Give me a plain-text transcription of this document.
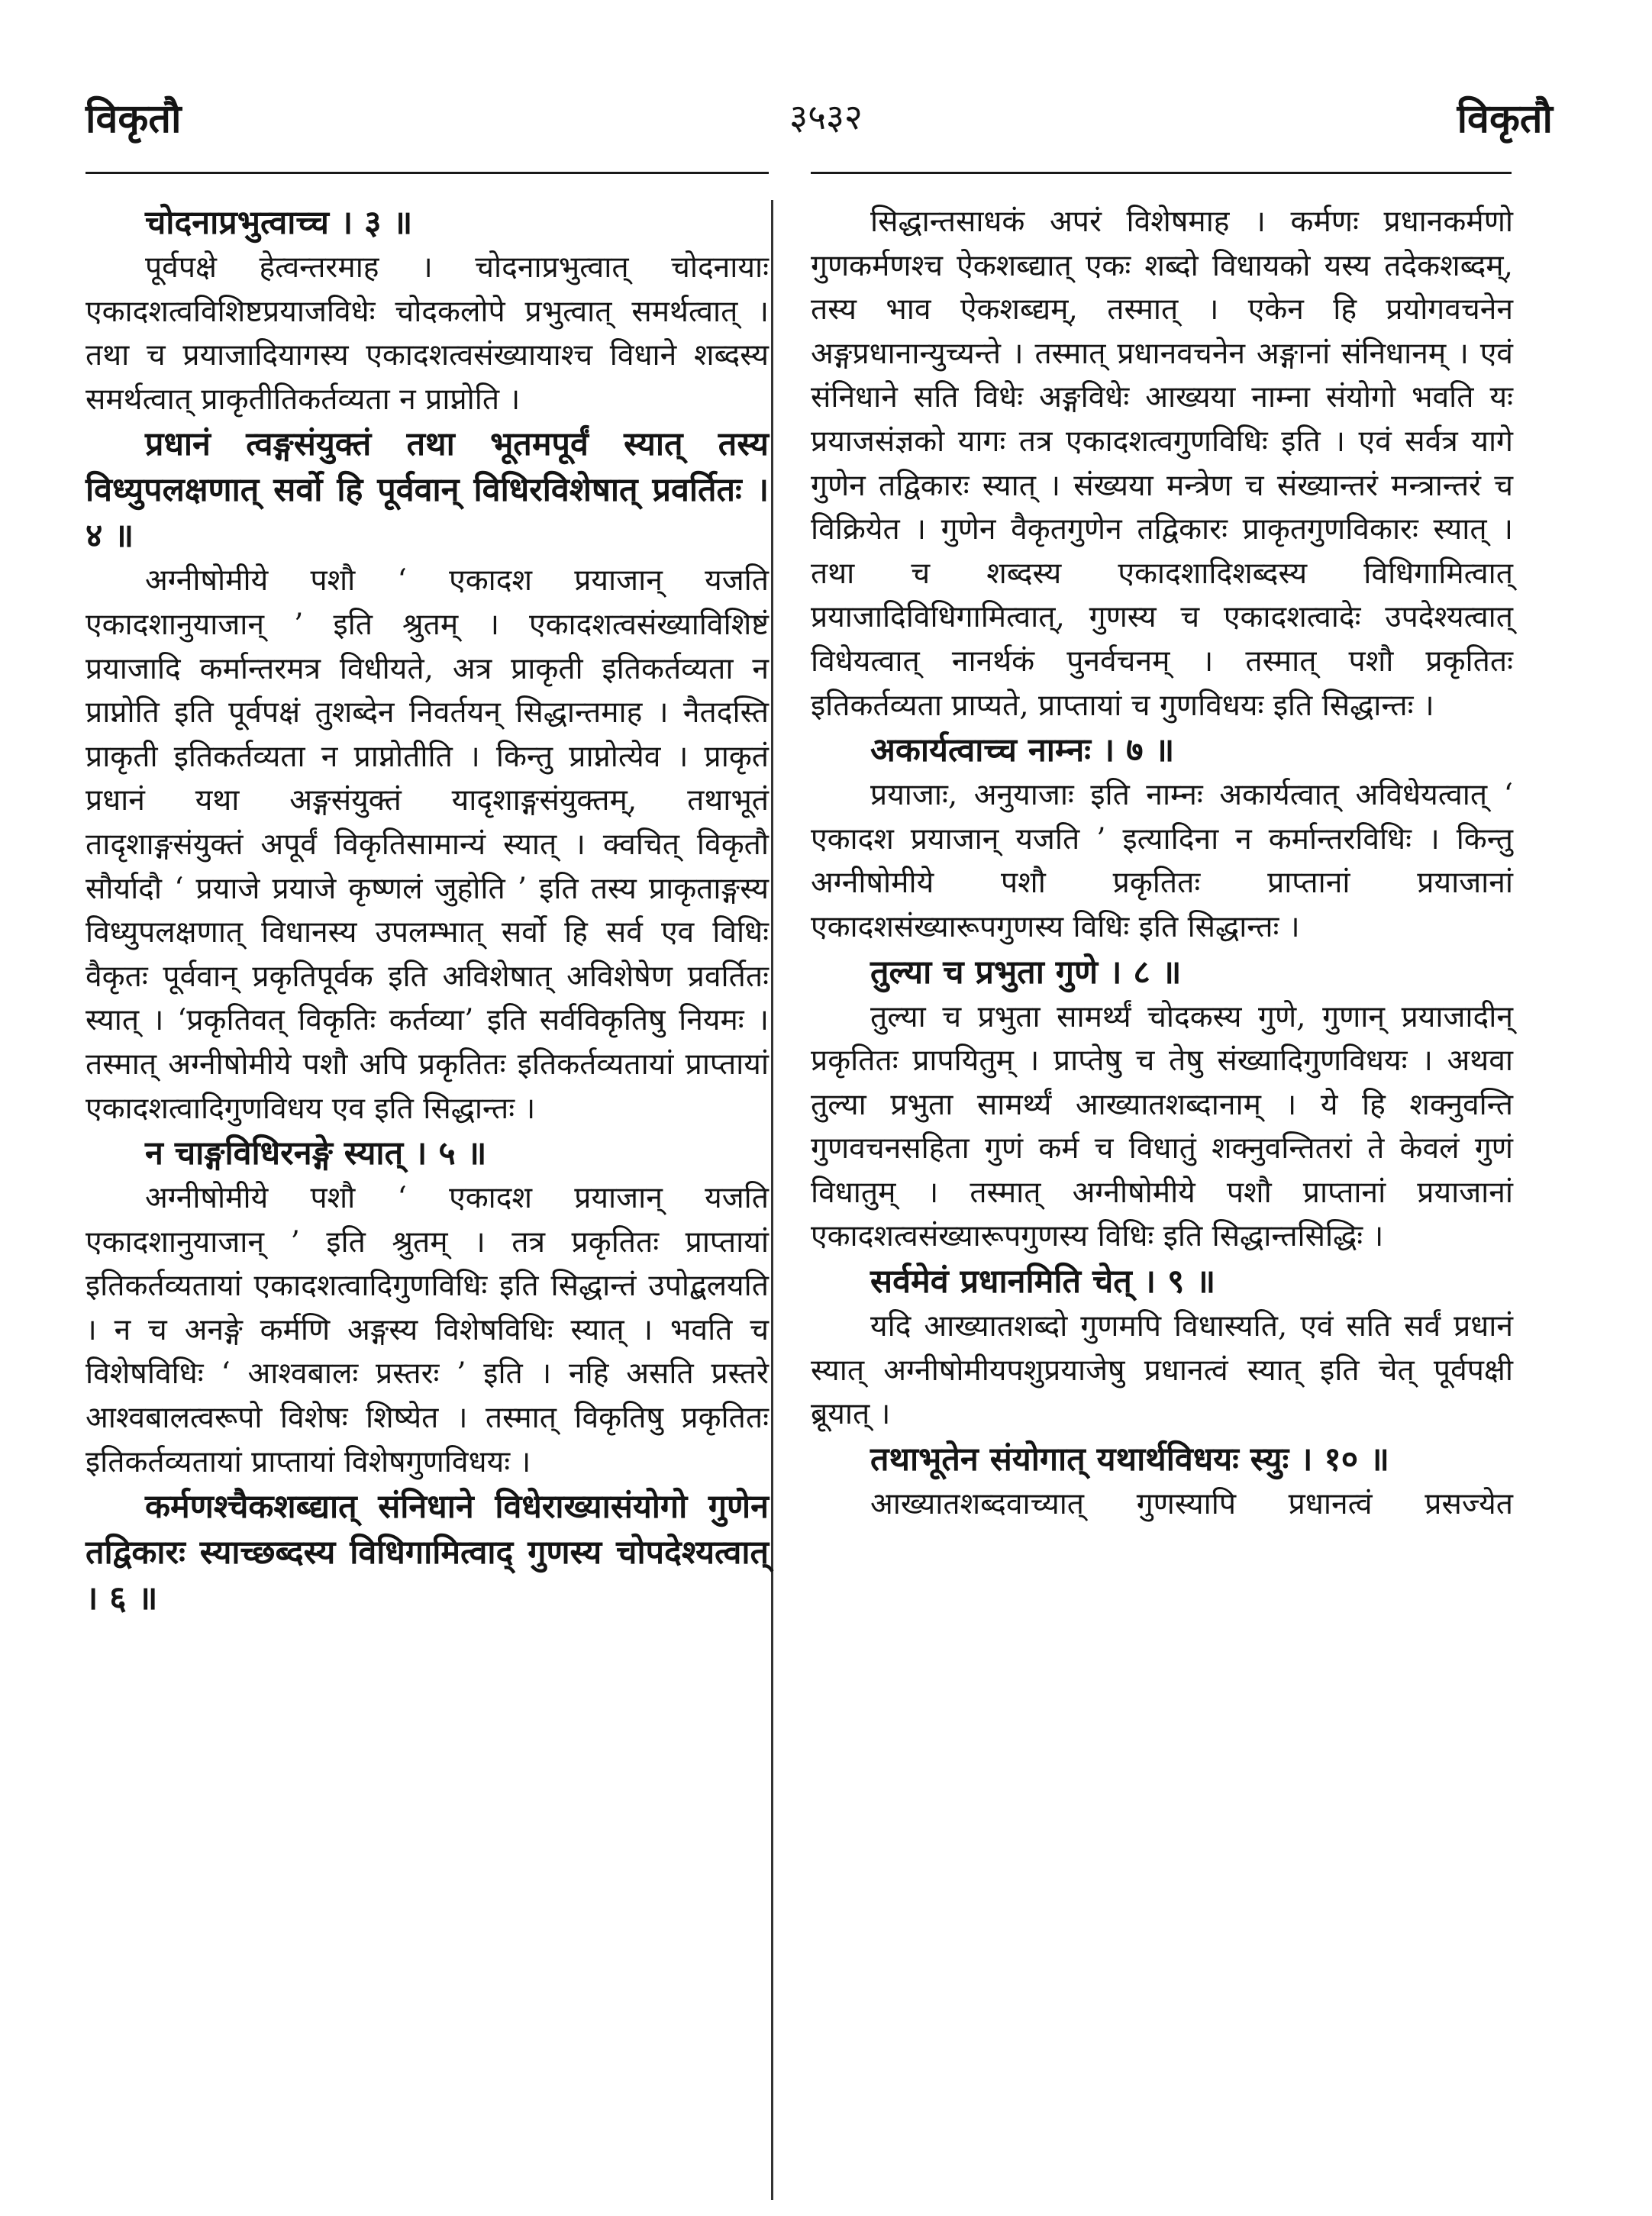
विकृतौ	३५३२	विकृतौ

चोदनाप्रभुत्वाच्च । ३ ॥

पूर्वपक्षे हेत्वन्तरमाह । चोदनाप्रभुत्वात् चोदनायाः एकादशत्वविशिष्टप्रयाजविधेः चोदकलोपे प्रभुत्वात् समर्थत्वात् । तथा च प्रयाजादियागस्य एकादशत्वसंख्यायाश्च विधाने शब्दस्य समर्थत्वात् प्राकृतीतिकर्तव्यता न प्राप्नोति ।

प्रधानं त्वङ्गसंयुक्तं तथा भूतमपूर्वं स्यात् तस्य विध्युपलक्षणात् सर्वो हि पूर्ववान् विधिरविशेषात् प्रवर्तितः । ४ ॥

अग्नीषोमीये पशौ ‘ एकादश प्रयाजान् यजति एकादशानुयाजान् ’ इति श्रुतम् । एकादशत्वसंख्याविशिष्टं प्रयाजादि कर्मान्तरमत्र विधीयते, अत्र प्राकृती इतिकर्तव्यता न प्राप्नोति इति पूर्वपक्षं तुशब्देन निवर्तयन् सिद्धान्तमाह । नैतदस्ति प्राकृती इतिकर्तव्यता न प्राप्नोतीति । किन्तु प्राप्नोत्येव । प्राकृतं प्रधानं यथा अङ्गसंयुक्तं यादृशाङ्गसंयुक्तम्, तथाभूतं तादृशाङ्गसंयुक्तं अपूर्वं विकृतिसामान्यं स्यात् । क्वचित् विकृतौ सौर्यादौ ‘ प्रयाजे प्रयाजे कृष्णलं जुहोति ’ इति तस्य प्राकृताङ्गस्य विध्युपलक्षणात् विधानस्य उपलम्भात् सर्वो हि सर्व एव विधिः वैकृतः पूर्ववान् प्रकृतिपूर्वक इति अविशेषात् अविशेषेण प्रवर्तितः स्यात् । ‘प्रकृतिवत् विकृतिः कर्तव्या’ इति सर्वविकृतिषु नियमः । तस्मात् अग्नीषोमीये पशौ अपि प्रकृतितः इतिकर्तव्यतायां प्राप्तायां एकादशत्वादिगुणविधय एव इति सिद्धान्तः ।

न चाङ्गविधिरनङ्गे स्यात् । ५ ॥

अग्नीषोमीये पशौ ‘ एकादश प्रयाजान् यजति एकादशानुयाजान् ’ इति श्रुतम् । तत्र प्रकृतितः प्राप्तायां इतिकर्तव्यतायां एकादशत्वादिगुणविधिः इति सिद्धान्तं उपोद्बलयति । न च अनङ्गे कर्मणि अङ्गस्य विशेषविधिः स्यात् । भवति च विशेषविधिः ‘ आश्वबालः प्रस्तरः ’ इति । नहि असति प्रस्तरे आश्वबालत्वरूपो विशेषः शिष्येत । तस्मात् विकृतिषु प्रकृतितः इतिकर्तव्यतायां प्राप्तायां विशेषगुणविधयः ।

कर्मणश्चैकशब्द्यात् संनिधाने विधेराख्यासंयोगो गुणेन तद्विकारः स्याच्छब्दस्य विधिगामित्वाद् गुणस्य चोपदेश्यत्वात् । ६ ॥

सिद्धान्तसाधकं अपरं विशेषमाह । कर्मणः प्रधानकर्मणो गुणकर्मणश्च ऐकशब्द्यात् एकः शब्दो विधायको यस्य तदेकशब्दम्, तस्य भाव ऐकशब्द्यम्, तस्मात् । एकेन हि प्रयोगवचनेन अङ्गप्रधानान्युच्यन्ते । तस्मात् प्रधानवचनेन अङ्गानां संनिधानम् । एवं संनिधाने सति विधेः अङ्गविधेः आख्यया नाम्ना संयोगो भवति यः प्रयाजसंज्ञको यागः तत्र एकादशत्वगुणविधिः इति । एवं सर्वत्र यागे गुणेन तद्विकारः स्यात् । संख्यया मन्त्रेण च संख्यान्तरं मन्त्रान्तरं च विक्रियेत । गुणेन वैकृतगुणेन तद्विकारः प्राकृतगुणविकारः स्यात् । तथा च शब्दस्य एकादशादिशब्दस्य विधिगामित्वात् प्रयाजादिविधिगामित्वात्, गुणस्य च एकादशत्वादेः उपदेश्यत्वात् विधेयत्वात् नानर्थकं पुनर्वचनम् । तस्मात् पशौ प्रकृतितः इतिकर्तव्यता प्राप्यते, प्राप्तायां च गुणविधयः इति सिद्धान्तः ।

अकार्यत्वाच्च नाम्नः । ७ ॥

प्रयाजाः, अनुयाजाः इति नाम्नः अकार्यत्वात् अविधेयत्वात् ‘ एकादश प्रयाजान् यजति ’ इत्यादिना न कर्मान्तरविधिः । किन्तु अग्नीषोमीये पशौ प्रकृतितः प्राप्तानां प्रयाजानां एकादशसंख्यारूपगुणस्य विधिः इति सिद्धान्तः ।

तुल्या च प्रभुता गुणे । ८ ॥

तुल्या च प्रभुता सामर्थ्यं चोदकस्य गुणे, गुणान् प्रयाजादीन् प्रकृतितः प्रापयितुम् । प्राप्तेषु च तेषु संख्यादिगुणविधयः । अथवा तुल्या प्रभुता सामर्थ्यं आख्यातशब्दानाम् । ये हि शक्नुवन्ति गुणवचनसहिता गुणं कर्म च विधातुं शक्नुवन्तितरां ते केवलं गुणं विधातुम् । तस्मात् अग्नीषोमीये पशौ प्राप्तानां प्रयाजानां एकादशत्वसंख्यारूपगुणस्य विधिः इति सिद्धान्तसिद्धिः ।

सर्वमेवं प्रधानमिति चेत् । ९ ॥

यदि आख्यातशब्दो गुणमपि विधास्यति, एवं सति सर्वं प्रधानं स्यात् अग्नीषोमीयपशुप्रयाजेषु प्रधानत्वं स्यात् इति चेत् पूर्वपक्षी ब्रूयात् ।

तथाभूतेन संयोगात् यथार्थविधयः स्युः । १० ॥

आख्यातशब्दवाच्यात् गुणस्यापि प्रधानत्वं प्रसज्येत
